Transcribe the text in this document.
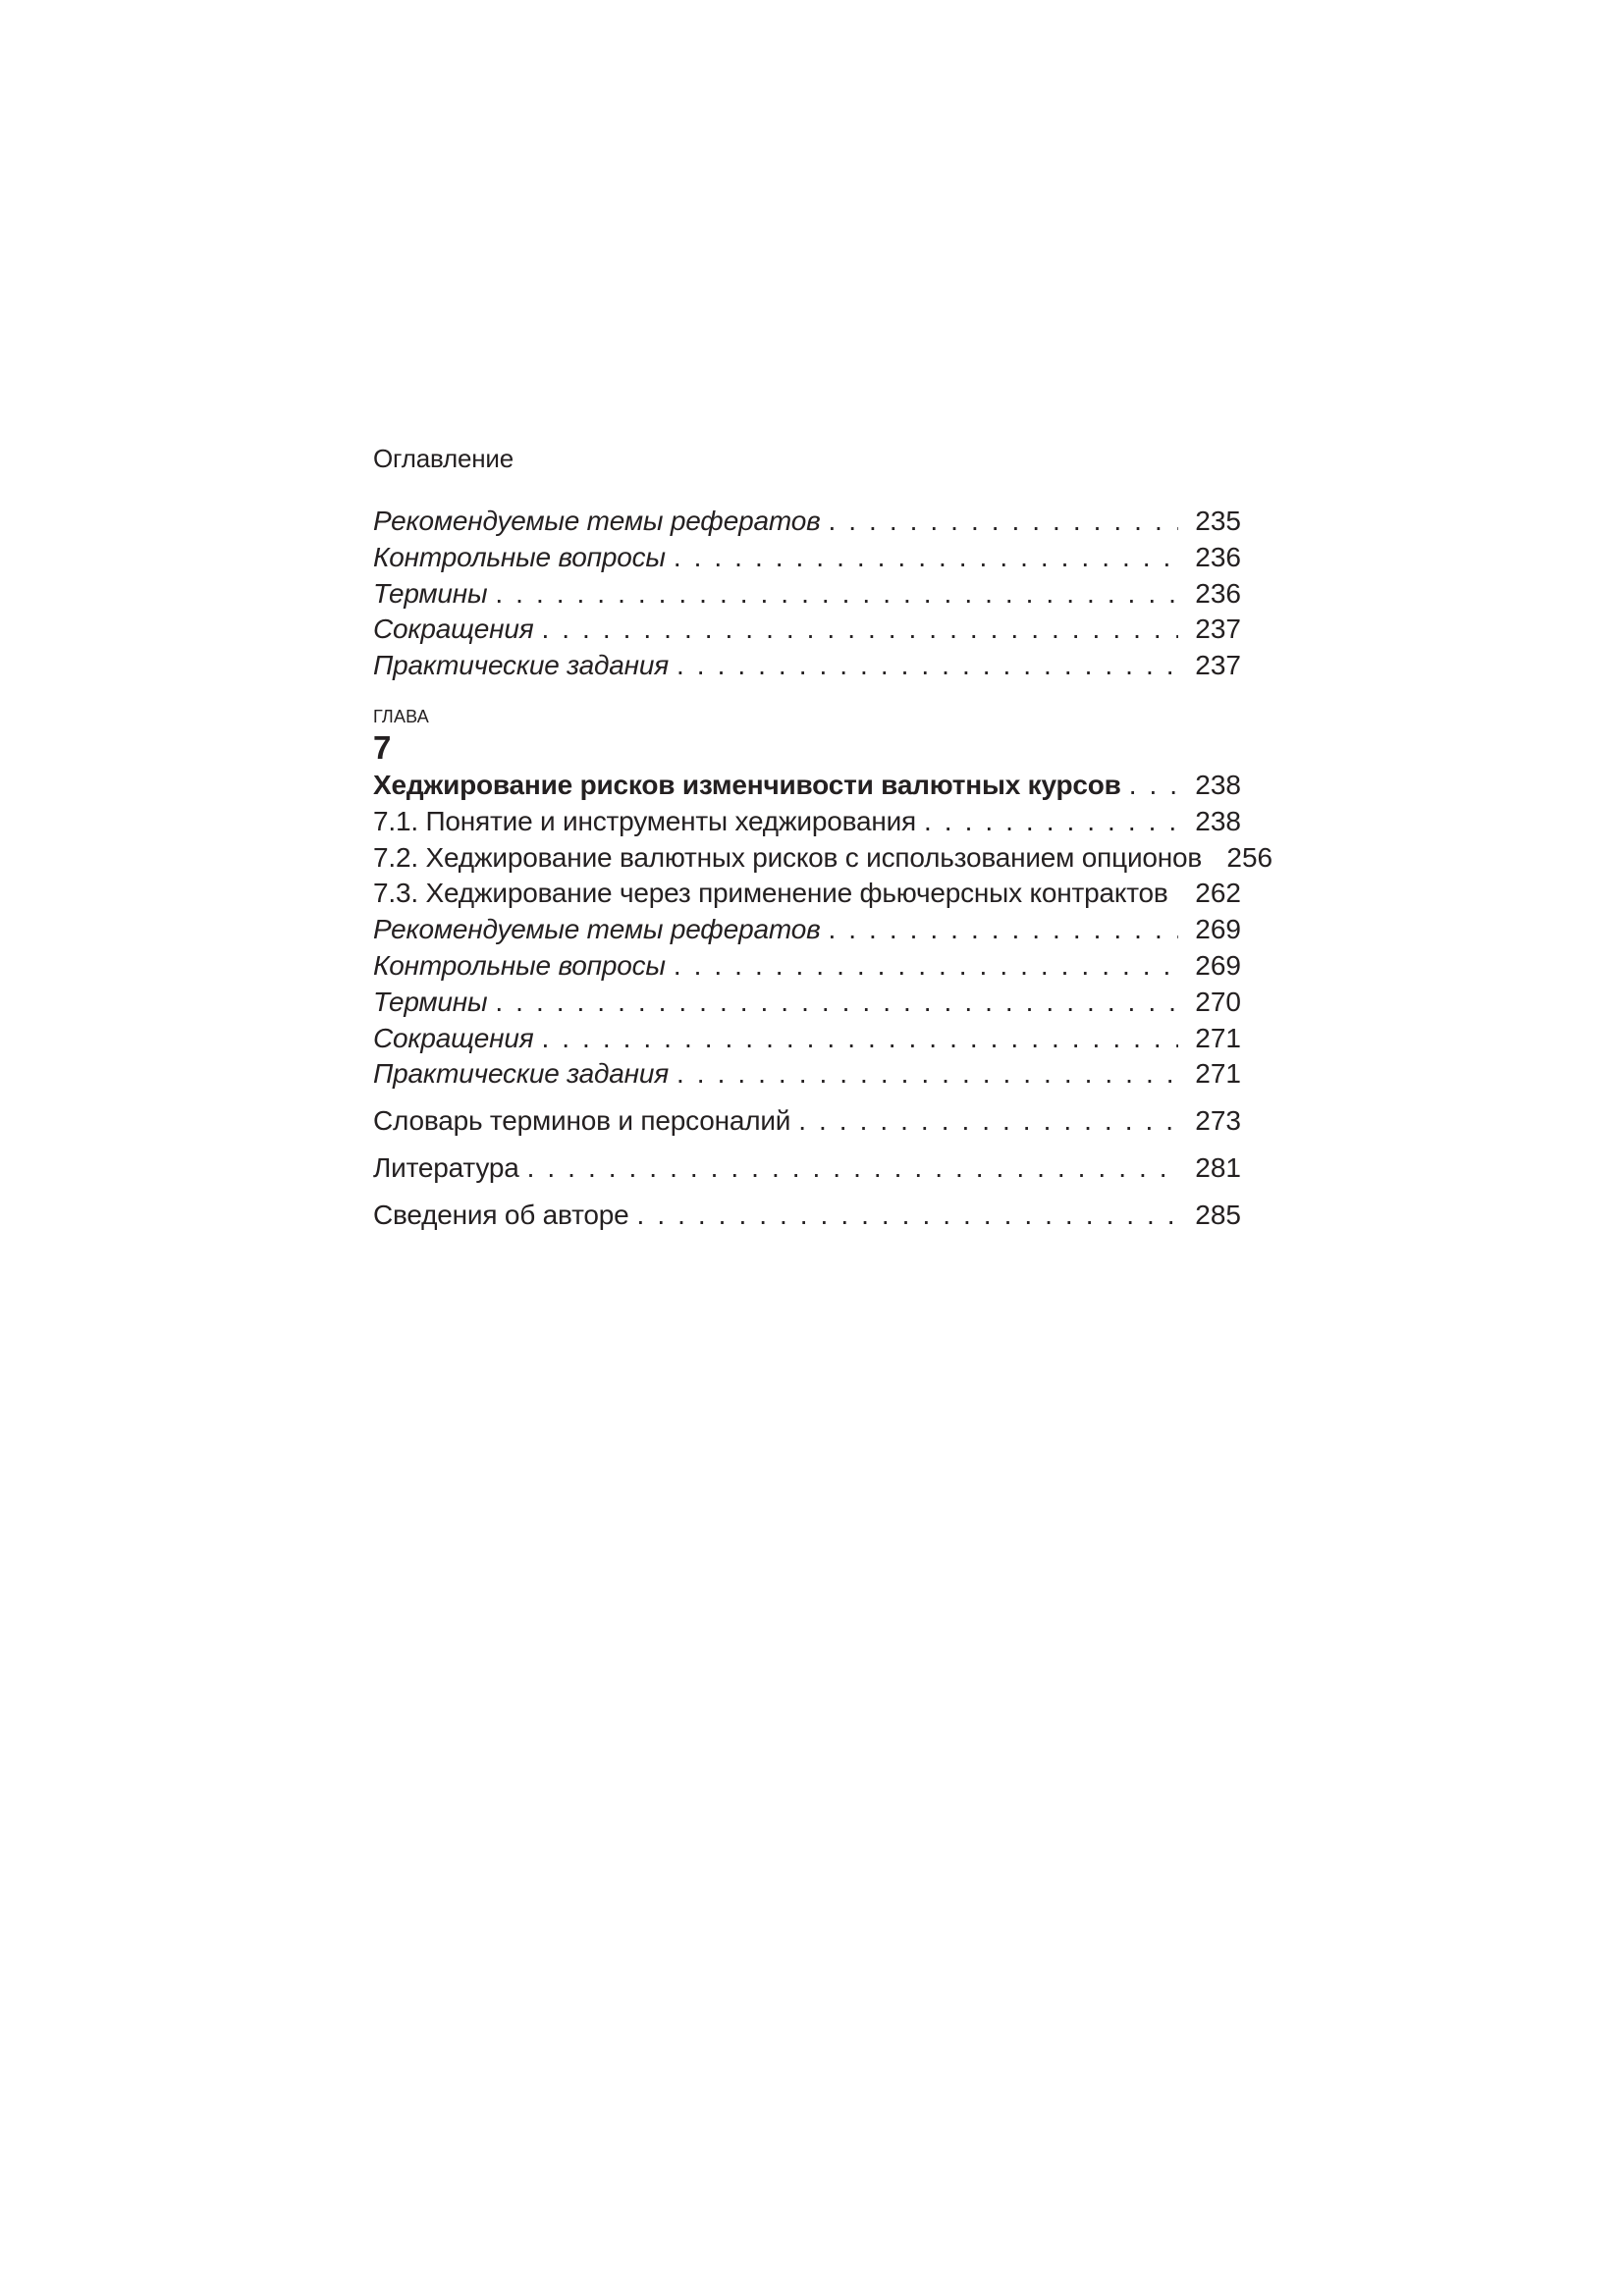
Оглавление
Рекомендуемые темы рефератов .....	235
Контрольные вопросы .....	236
Термины .....	236
Сокращения .....	237
Практические задания .....	237
ГЛАВА
7
Хеджирование рисков изменчивости валютных курсов .....	238
7.1. Понятие и инструменты хеджирования .....	238
7.2. Хеджирование валютных рисков с использованием опционов 256
7.3. Хеджирование через применение фьючерсных контрактов ..... 262
Рекомендуемые темы рефератов .....	269
Контрольные вопросы .....	269
Термины .....	270
Сокращения .....	271
Практические задания .....	271
Словарь терминов и персоналий .....	273
Литература .....	281
Сведения об авторе .....	285
